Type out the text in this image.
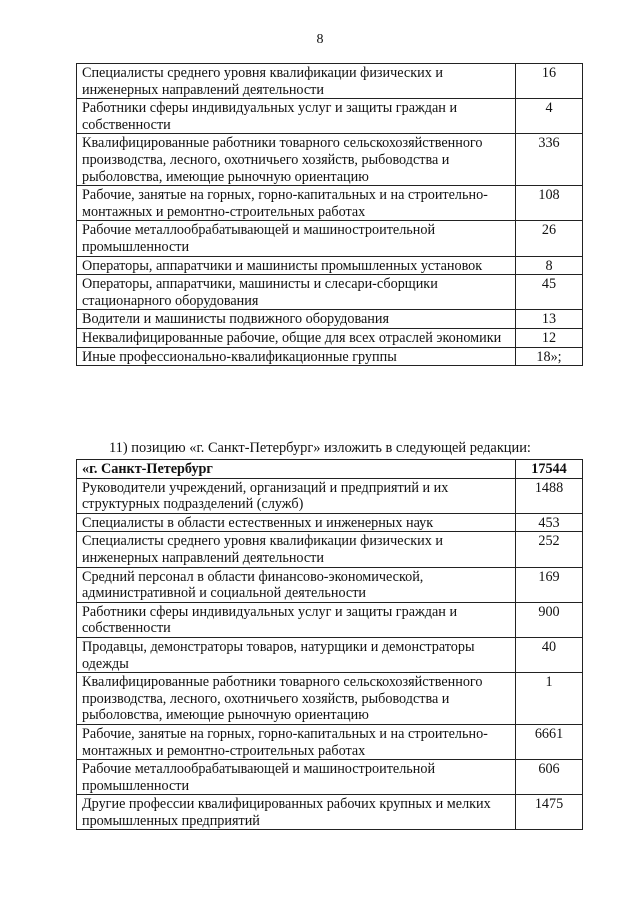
8
Специалисты среднего уровня квалификации физических и инженерных направлений деятельности	16
Работники сферы индивидуальных услуг и защиты граждан и собственности	4
Квалифицированные работники товарного сельскохозяйственного производства, лесного, охотничьего хозяйств, рыбоводства и рыболовства, имеющие рыночную ориентацию	336
Рабочие, занятые на горных, горно-капитальных и на строительно-монтажных и ремонтно-строительных работах	108
Рабочие металлообрабатывающей и машиностроительной промышленности	26
Операторы, аппаратчики и машинисты промышленных установок	8
Операторы, аппаратчики, машинисты и слесари-сборщики стационарного оборудования	45
Водители и машинисты подвижного оборудования	13
Неквалифицированные рабочие, общие для всех отраслей экономики	12
Иные профессионально-квалификационные группы	18»;
11) позицию «г. Санкт-Петербург» изложить в следующей редакции:
«г. Санкт-Петербург	17544
Руководители учреждений, организаций и предприятий и их структурных подразделений (служб)	1488
Специалисты в области естественных и инженерных наук	453
Специалисты среднего уровня квалификации физических и инженерных направлений деятельности	252
Средний персонал в области финансово-экономической, административной и социальной деятельности	169
Работники сферы индивидуальных услуг и защиты граждан и собственности	900
Продавцы, демонстраторы товаров, натурщики и демонстраторы одежды	40
Квалифицированные работники товарного сельскохозяйственного производства, лесного, охотничьего хозяйств, рыбоводства и рыболовства, имеющие рыночную ориентацию	1
Рабочие, занятые на горных, горно-капитальных и на строительно-монтажных и ремонтно-строительных работах	6661
Рабочие металлообрабатывающей и машиностроительной промышленности	606
Другие профессии квалифицированных рабочих крупных и мелких промышленных предприятий	1475
